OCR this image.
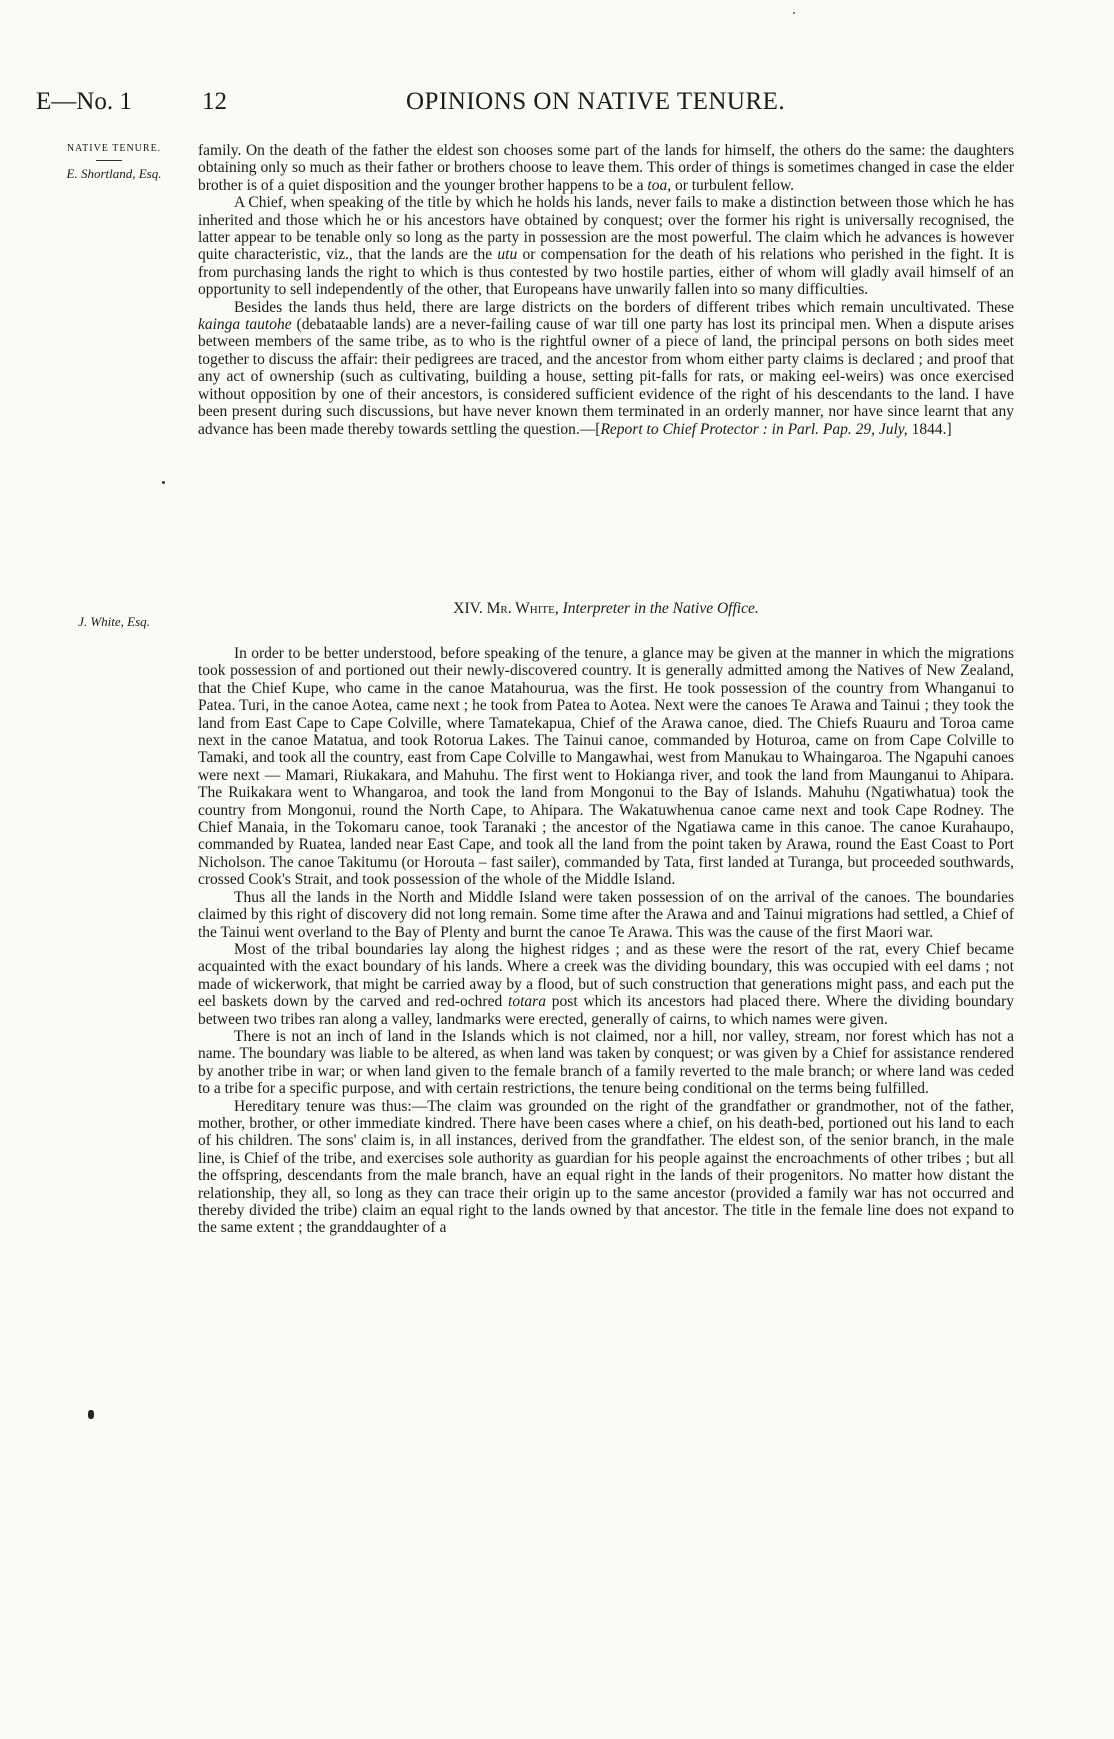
E—No. 1	12	OPINIONS ON NATIVE TENURE.
NATIVE TENURE.
E. Shortland, Esq.
J. White, Esq.

family. On the death of the father the eldest son chooses some part of the lands for himself, the others do the same: the daughters obtaining only so much as their father or brothers choose to leave them. This order of things is sometimes changed in case the elder brother is of a quiet disposition and the younger brother happens to be a toa, or turbulent fellow.

A Chief, when speaking of the title by which he holds his lands, never fails to make a distinction between those which he has inherited and those which he or his ancestors have obtained by conquest; over the former his right is universally recognised, the latter appear to be tenable only so long as the party in possession are the most powerful. The claim which he advances is however quite characteristic, viz., that the lands are the utu or compensation for the death of his relations who perished in the fight. It is from purchasing lands the right to which is thus contested by two hostile parties, either of whom will gladly avail himself of an opportunity to sell independently of the other, that Europeans have unwarily fallen into so many difficulties.

Besides the lands thus held, there are large districts on the borders of different tribes which remain uncultivated. These kainga tautohe (debataable lands) are a never-failing cause of war till one party has lost its principal men. When a dispute arises between members of the same tribe, as to who is the rightful owner of a piece of land, the principal persons on both sides meet together to discuss the affair: their pedigrees are traced, and the ancestor from whom either party claims is declared ; and proof that any act of ownership (such as cultivating, building a house, setting pit-falls for rats, or making eel-weirs) was once exercised without opposition by one of their ancestors, is considered sufficient evidence of the right of his descendants to the land. I have been present during such discussions, but have never known them terminated in an orderly manner, nor have since learnt that any advance has been made thereby towards settling the question.—[Report to Chief Protector : in Parl. Pap. 29, July, 1844.]

XIV. Mr. White, Interpreter in the Native Office.

In order to be better understood, before speaking of the tenure, a glance may be given at the manner in which the migrations took possession of and portioned out their newly-discovered country. It is generally admitted among the Natives of New Zealand, that the Chief Kupe, who came in the canoe Matahourua, was the first. He took possession of the country from Whanganui to Patea. Turi, in the canoe Aotea, came next ; he took from Patea to Aotea. Next were the canoes Te Arawa and Tainui ; they took the land from East Cape to Cape Colville, where Tamatekapua, Chief of the Arawa canoe, died. The Chiefs Ruauru and Toroa came next in the canoe Matatua, and took Rotorua Lakes. The Tainui canoe, commanded by Hoturoa, came on from Cape Colville to Tamaki, and took all the country, east from Cape Colville to Mangawhai, west from Manukau to Whaingaroa. The Ngapuhi canoes were next — Mamari, Riukakara, and Mahuhu. The first went to Hokianga river, and took the land from Maunganui to Ahipara. The Ruikakara went to Whangaroa, and took the land from Mongonui to the Bay of Islands. Mahuhu (Ngatiwhatua) took the country from Mongonui, round the North Cape, to Ahipara. The Wakatuwhenua canoe came next and took Cape Rodney. The Chief Manaia, in the Tokomaru canoe, took Taranaki ; the ancestor of the Ngatiawa came in this canoe. The canoe Kurahaupo, commanded by Ruatea, landed near East Cape, and took all the land from the point taken by Arawa, round the East Coast to Port Nicholson. The canoe Takitumu (or Horouta – fast sailer), commanded by Tata, first landed at Turanga, but proceeded southwards, crossed Cook's Strait, and took possession of the whole of the Middle Island.

Thus all the lands in the North and Middle Island were taken possession of on the arrival of the canoes. The boundaries claimed by this right of discovery did not long remain. Some time after the Arawa and and Tainui migrations had settled, a Chief of the Tainui went overland to the Bay of Plenty and burnt the canoe Te Arawa. This was the cause of the first Maori war.

Most of the tribal boundaries lay along the highest ridges ; and as these were the resort of the rat, every Chief became acquainted with the exact boundary of his lands. Where a creek was the dividing boundary, this was occupied with eel dams ; not made of wickerwork, that might be carried away by a flood, but of such construction that generations might pass, and each put the eel baskets down by the carved and red-ochred totara post which its ancestors had placed there. Where the dividing boundary between two tribes ran along a valley, landmarks were erected, generally of cairns, to which names were given.

There is not an inch of land in the Islands which is not claimed, nor a hill, nor valley, stream, nor forest which has not a name. The boundary was liable to be altered, as when land was taken by conquest; or was given by a Chief for assistance rendered by another tribe in war; or when land given to the female branch of a family reverted to the male branch; or where land was ceded to a tribe for a specific purpose, and with certain restrictions, the tenure being conditional on the terms being fulfilled.

Hereditary tenure was thus:—The claim was grounded on the right of the grandfather or grandmother, not of the father, mother, brother, or other immediate kindred. There have been cases where a chief, on his death-bed, portioned out his land to each of his children. The sons' claim is, in all instances, derived from the grandfather. The eldest son, of the senior branch, in the male line, is Chief of the tribe, and exercises sole authority as guardian for his people against the encroachments of other tribes ; but all the offspring, descendants from the male branch, have an equal right in the lands of their progenitors. No matter how distant the relationship, they all, so long as they can trace their origin up to the same ancestor (provided a family war has not occurred and thereby divided the tribe) claim an equal right to the lands owned by that ancestor. The title in the female line does not expand to the same extent ; the granddaughter of a
